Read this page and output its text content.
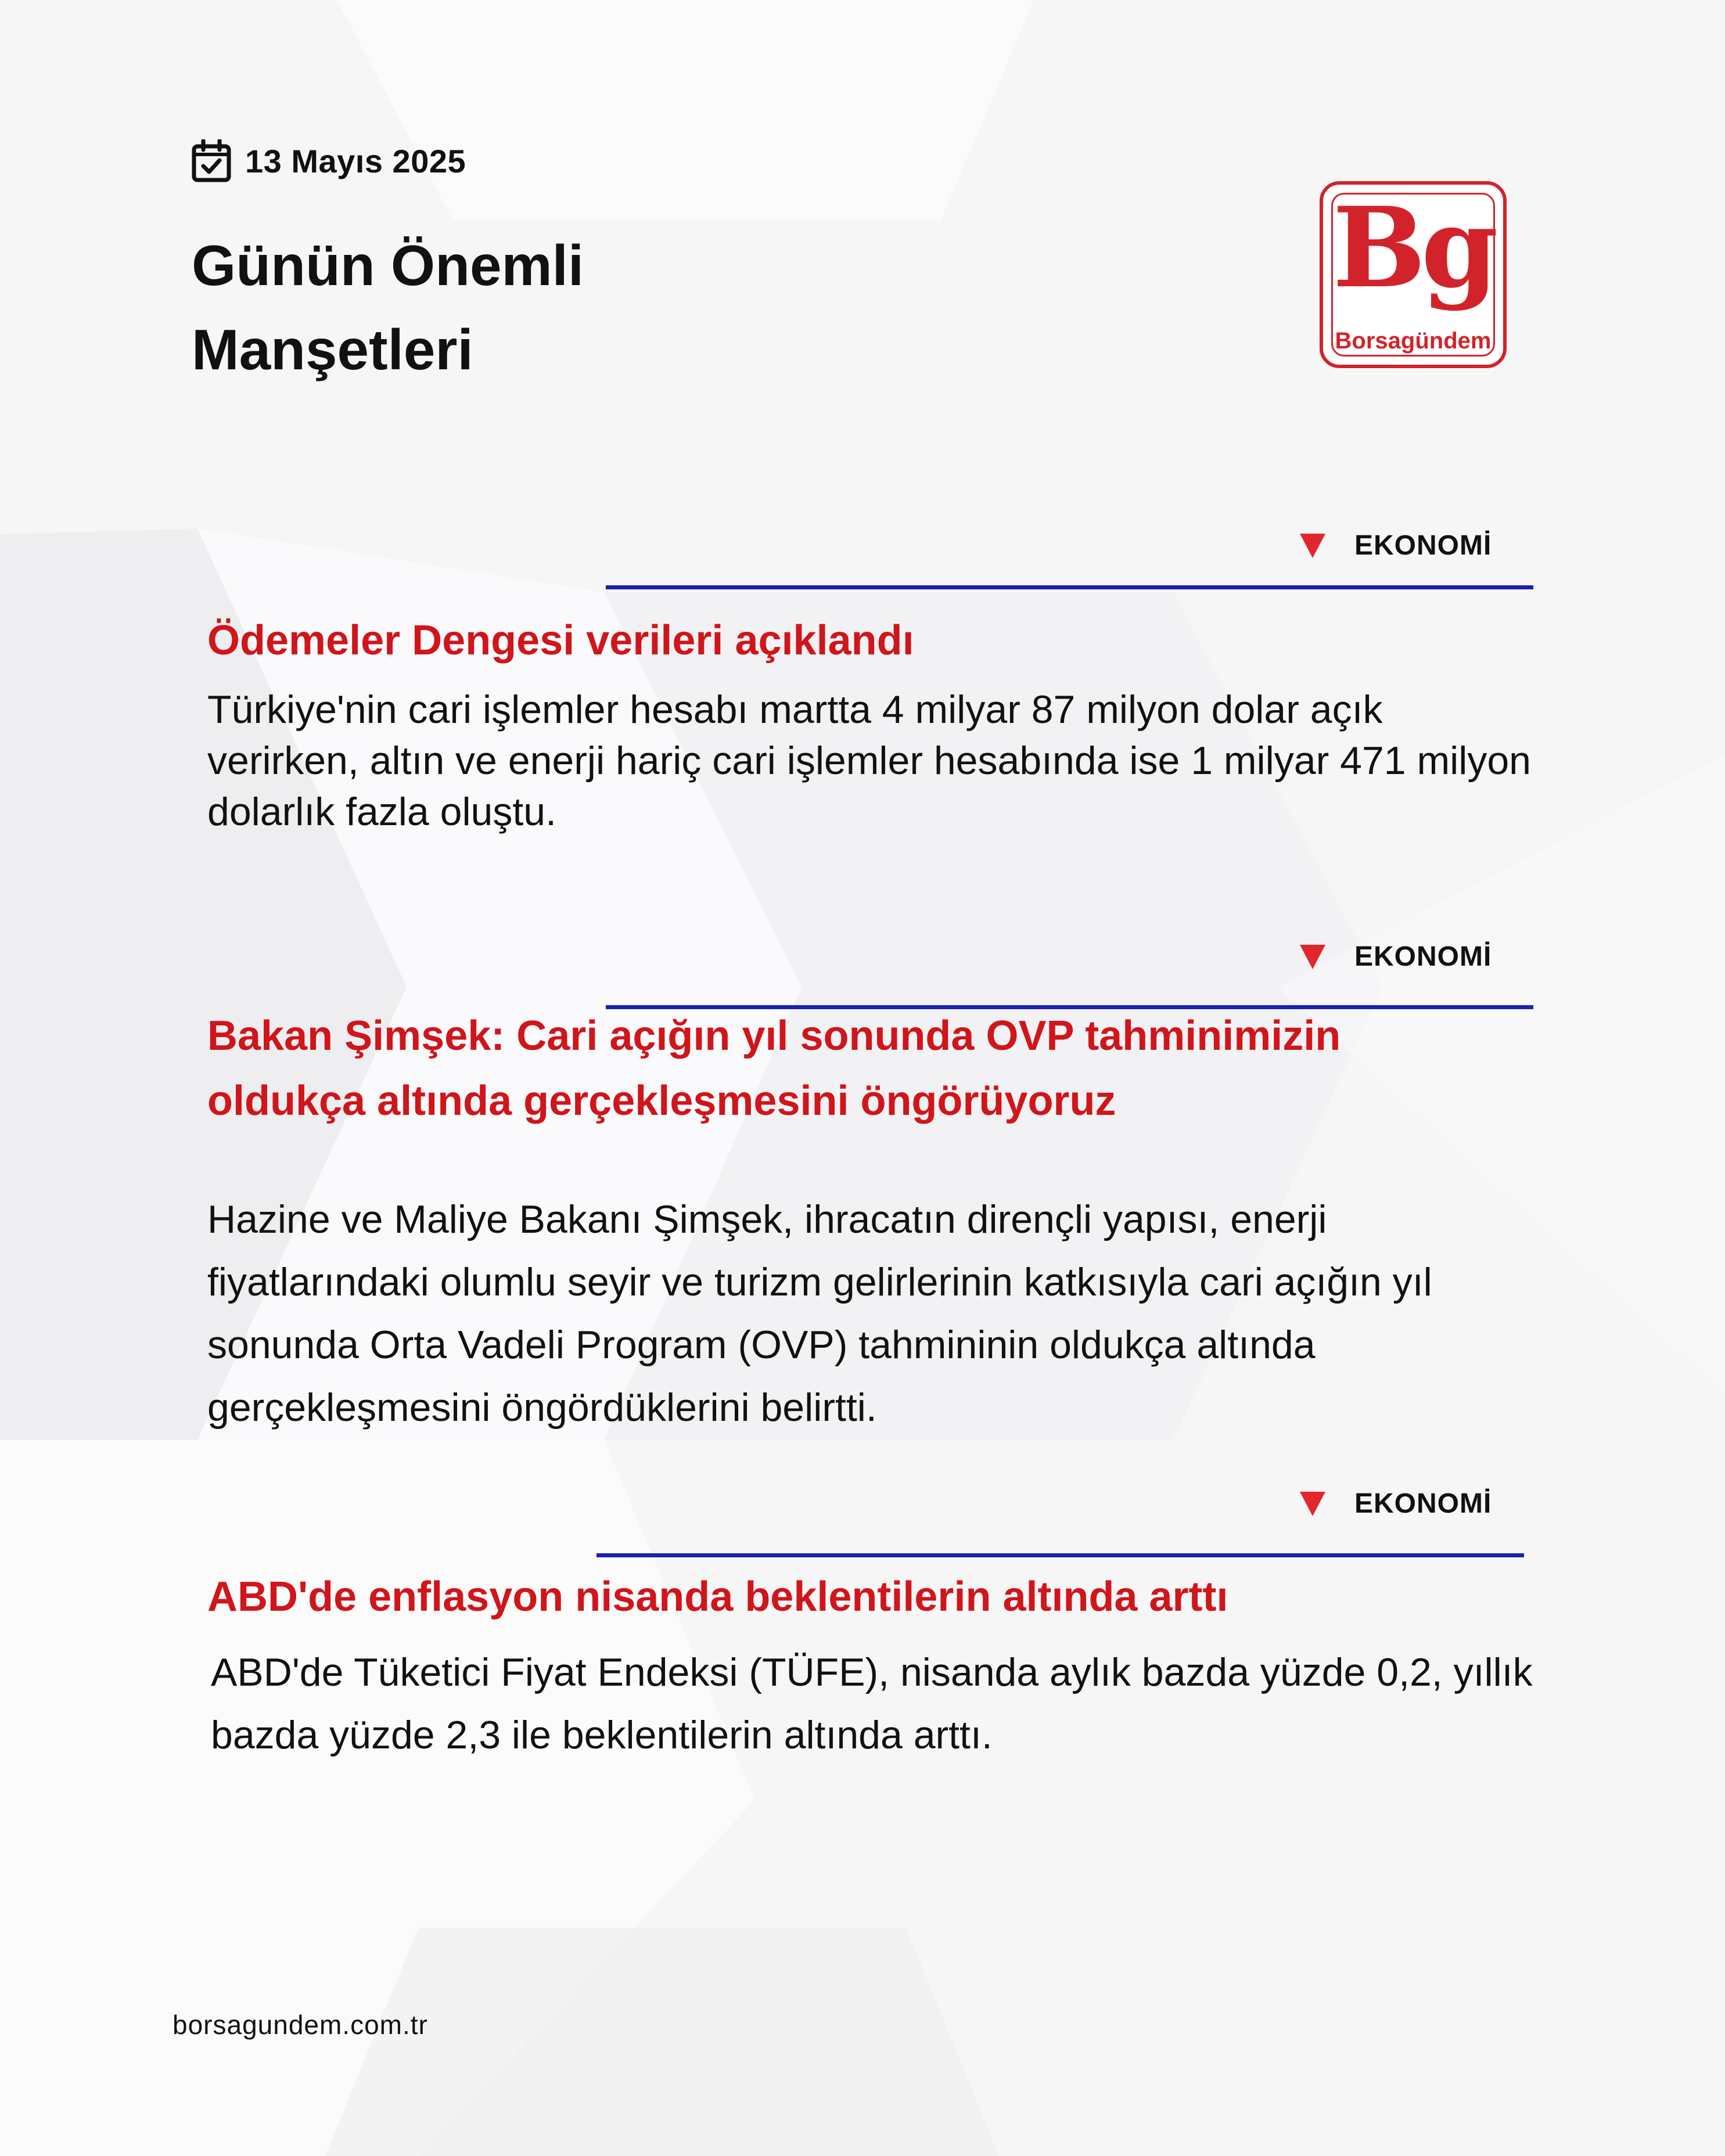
13 Mayıs 2025
Günün Önemli
Manşetleri
Bg
Borsagündem
EKONOMİ
Ödemeler Dengesi verileri açıklandı

Türkiye'nin cari işlemler hesabı martta 4 milyar 87 milyon dolar açık verirken, altın ve enerji hariç cari işlemler hesabında ise 1 milyar 471 milyon dolarlık fazla oluştu.

EKONOMİ
Bakan Şimşek: Cari açığın yıl sonunda OVP tahminimizin oldukça altında gerçekleşmesini öngörüyoruz

Hazine ve Maliye Bakanı Şimşek, ihracatın dirençli yapısı, enerji fiyatlarındaki olumlu seyir ve turizm gelirlerinin katkısıyla cari açığın yıl sonunda Orta Vadeli Program (OVP) tahmininin oldukça altında gerçekleşmesini öngördüklerini belirtti.

EKONOMİ
ABD'de enflasyon nisanda beklentilerin altında arttı

ABD'de Tüketici Fiyat Endeksi (TÜFE), nisanda aylık bazda yüzde 0,2, yıllık bazda yüzde 2,3 ile beklentilerin altında arttı.

borsagundem.com.tr
